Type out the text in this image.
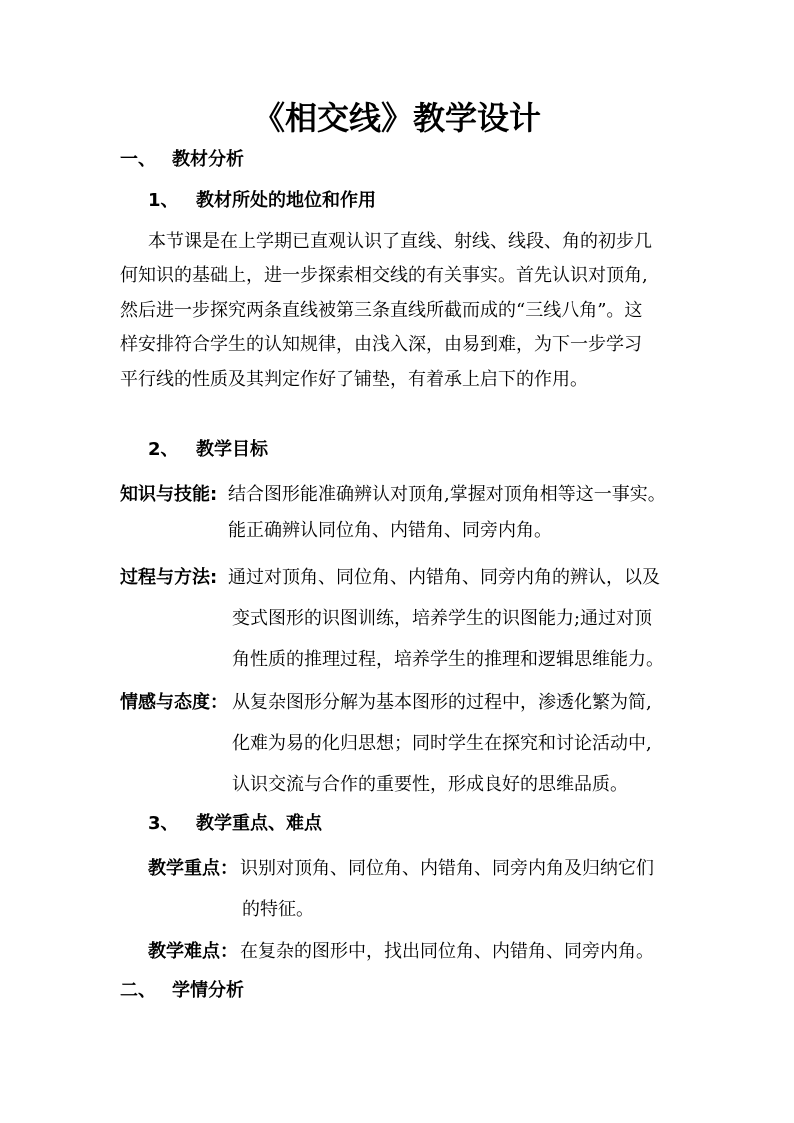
《相交线》教学设计
一、 教材分析
1、 教材所处的地位和作用
本节课是在上学期已直观认识了直线、射线、线段、角的初步几
何知识的基础上，进一步探索相交线的有关事实。首先认识对顶角,
然后进一步探究两条直线被第三条直线所截而成的“三线八角”。这
样安排符合学生的认知规律，由浅入深，由易到难，为下一步学习
平行线的性质及其判定作好了铺垫，有着承上启下的作用。
2、 教学目标
知识与技能: 结合图形能准确辨认对顶角,掌握对顶角相等这一事实。
能正确辨认同位角、内错角、同旁内角。
过程与方法: 通过对顶角、同位角、内错角、同旁内角的辨认，以及
变式图形的识图训练，培养学生的识图能力;通过对顶
角性质的推理过程，培养学生的推理和逻辑思维能力。
情感与态度： 从复杂图形分解为基本图形的过程中，渗透化繁为简,
化难为易的化归思想；同时学生在探究和讨论活动中,
认识交流与合作的重要性，形成良好的思维品质。
3、 教学重点、难点
教学重点： 识别对顶角、同位角、内错角、同旁内角及归纳它们
的特征。
教学难点： 在复杂的图形中，找出同位角、内错角、同旁内角。
二、 学情分析
